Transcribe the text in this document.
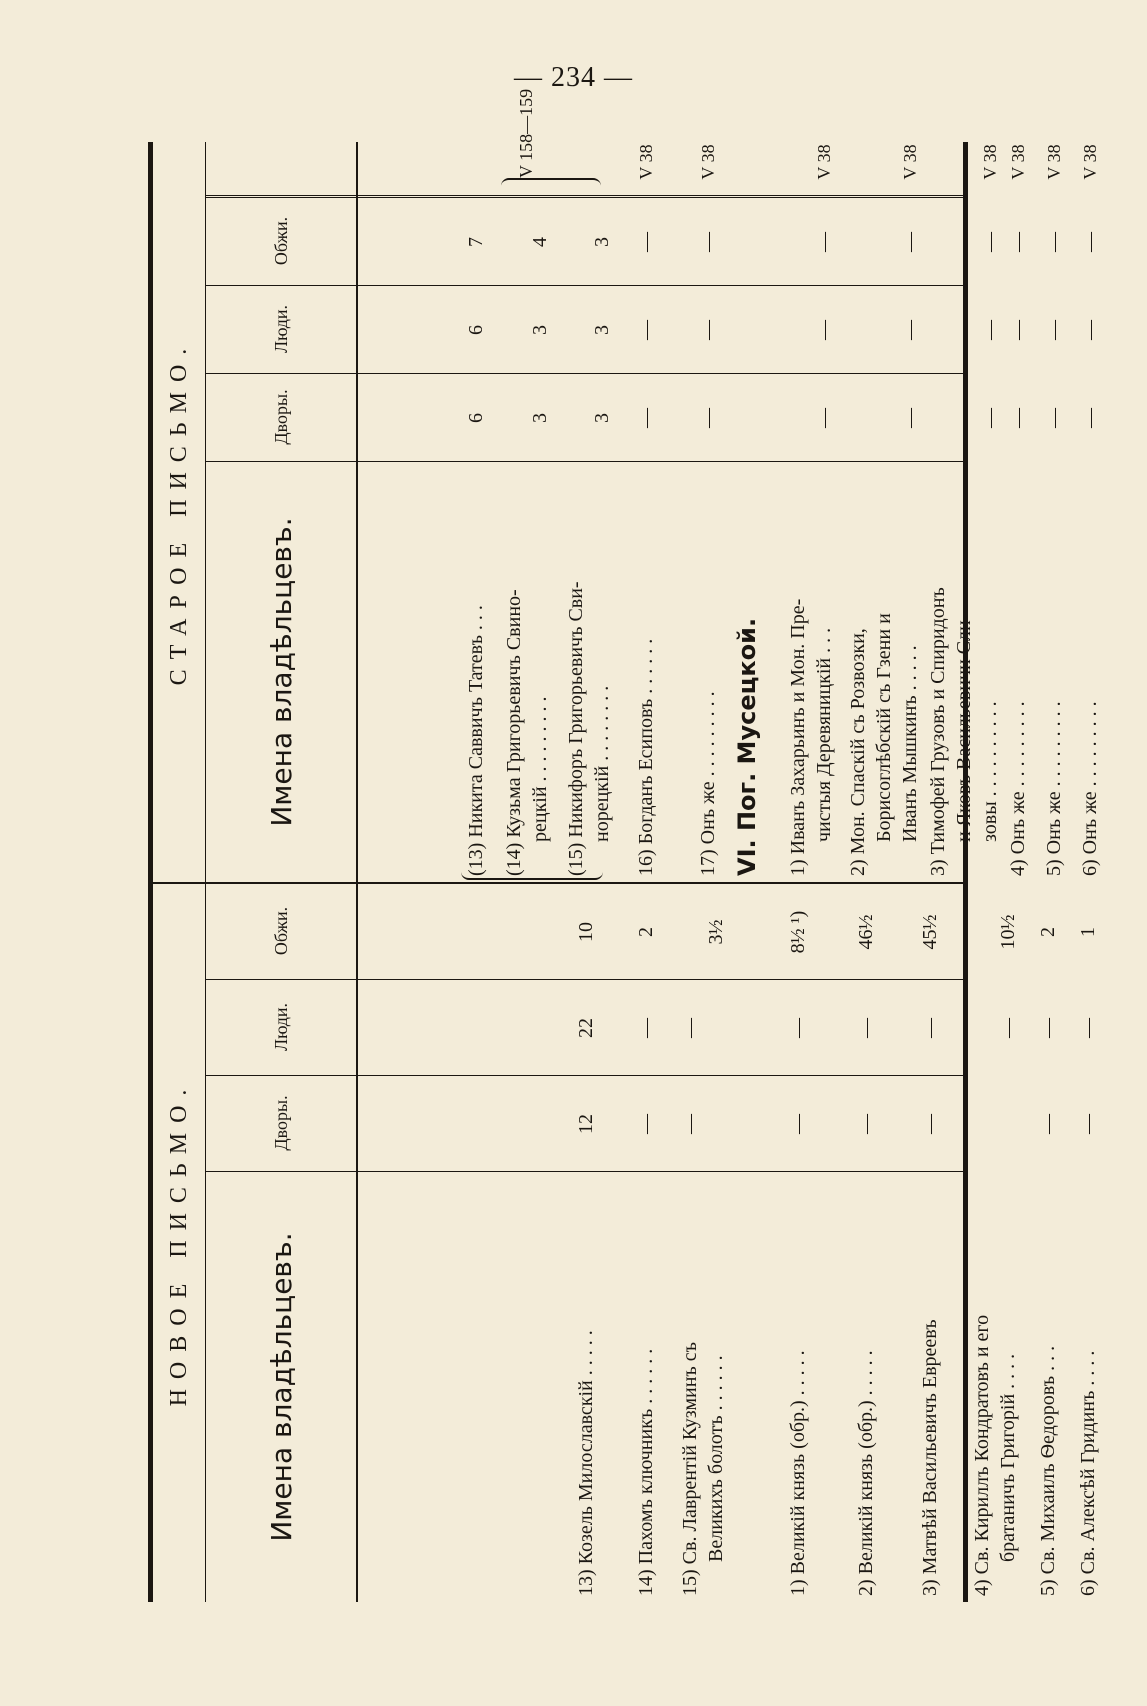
— 234 —
НОВОЕ ПИСЬМО.	Имена владѣльцевъ.
Дворы.
Люди.
Обжи.
13) Козель Милославскій . . . . .
12
22
10
14) Пахомъ ключникъ . . . . . .
—
—
2
15) Св. Лаврентій Кузминъ съ Великихъ болотъ . . . . . .
—
—
3½
1) Великій князь (обр.) . . . . .
—
—
8½ ¹)
2) Великій князь (обр.) . . . . .
—
—
46½
3) Матвѣй Васильевичъ Евреевъ
—
—
45½
4) Св. Кириллъ Кондратовъ и его братаничъ Григорій . . . .
—
10½
5) Св. Михаилъ Ѳедоровъ . . .
—
—
2
6) Св. Алексѣй Гридинъ . . . .
—
—
1
СТАРОЕ ПИСЬМО.	Имена владѣльцевъ.
Дворы.
Люди.
Обжи.
(13) Никита Саввичъ Татевъ . . .
6
6
7
(14) Кузьма Григорьевичъ Свино- рецкій . . . . . . . . .
3
3
4
V 158—159
(15) Никифоръ Григорьевичъ Сви- норецкій . . . . . . . .
3
3
3
16) Богданъ Есиповъ . . . . . .
—
—
—
V 38
17) Онъ же . . . . . . . . .
—
—
—
V 38
VI. Пог. Мусецкой. 1) Иванъ Захарьинъ и Мон. Пре- чистыя Деревяницкій . . .
—
—
—
V 38
2) Мон. Спаскій съ Розвозки, Борисоглѣбскій съ Гзени и Иванъ Мышкинъ . . . . .
—
—
—
V 38
3) Тимофей Грузовъ и Спиридонъ и Яковъ Васильевичи Сли- зовы . . . . . . . . . .
—
—
—
V 38
4) Онъ же . . . . . . . . .
—
—
—
V 38
5) Онъ же . . . . . . . . .
—
—
—
V 38
6) Онъ же . . . . . . . . .
—
—
—
V 38
